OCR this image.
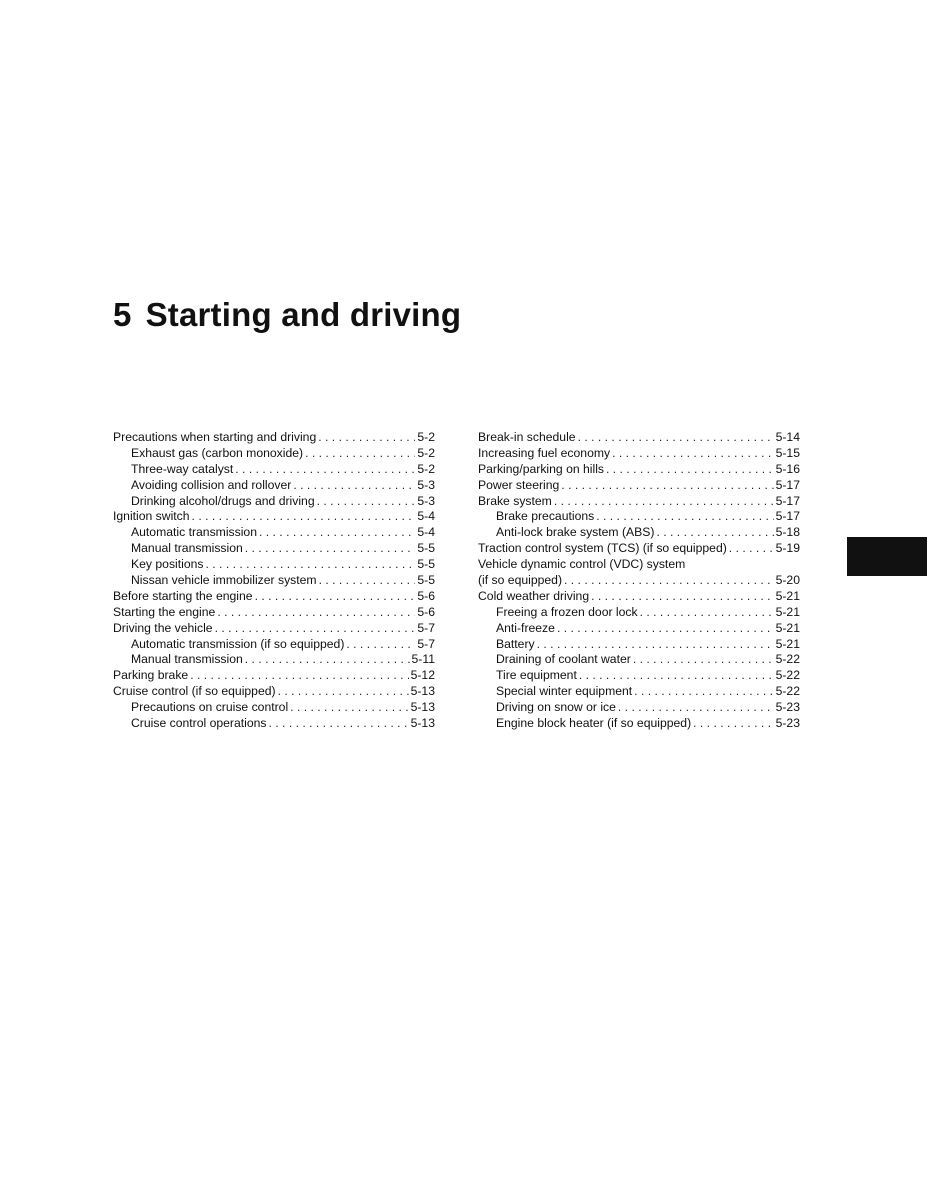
5 Starting and driving
Precautions when starting and driving . . .	5-2
Exhaust gas (carbon monoxide) . . .	5-2
Three-way catalyst . . .	5-2
Avoiding collision and rollover . . .	5-3
Drinking alcohol/drugs and driving . . .	5-3
Ignition switch . . .	5-4
Automatic transmission . . .	5-4
Manual transmission . . .	5-5
Key positions . . .	5-5
Nissan vehicle immobilizer system . . .	5-5
Before starting the engine . . .	5-6
Starting the engine . . .	5-6
Driving the vehicle . . .	5-7
Automatic transmission (if so equipped) . . .	5-7
Manual transmission . . .	5-11
Parking brake . . .	5-12
Cruise control (if so equipped) . . .	5-13
Precautions on cruise control . . .	5-13
Cruise control operations . . .	5-13
Break-in schedule . . .	5-14
Increasing fuel economy . . .	5-15
Parking/parking on hills . . .	5-16
Power steering . . .	5-17
Brake system . . .	5-17
Brake precautions . . .	5-17
Anti-lock brake system (ABS) . . .	5-18
Traction control system (TCS) (if so equipped) . . .	5-19
Vehicle dynamic control (VDC) system
(if so equipped) . . .	5-20
Cold weather driving . . .	5-21
Freeing a frozen door lock . . .	5-21
Anti-freeze . . .	5-21
Battery . . .	5-21
Draining of coolant water . . .	5-22
Tire equipment . . .	5-22
Special winter equipment . . .	5-22
Driving on snow or ice . . .	5-23
Engine block heater (if so equipped) . . .	5-23
